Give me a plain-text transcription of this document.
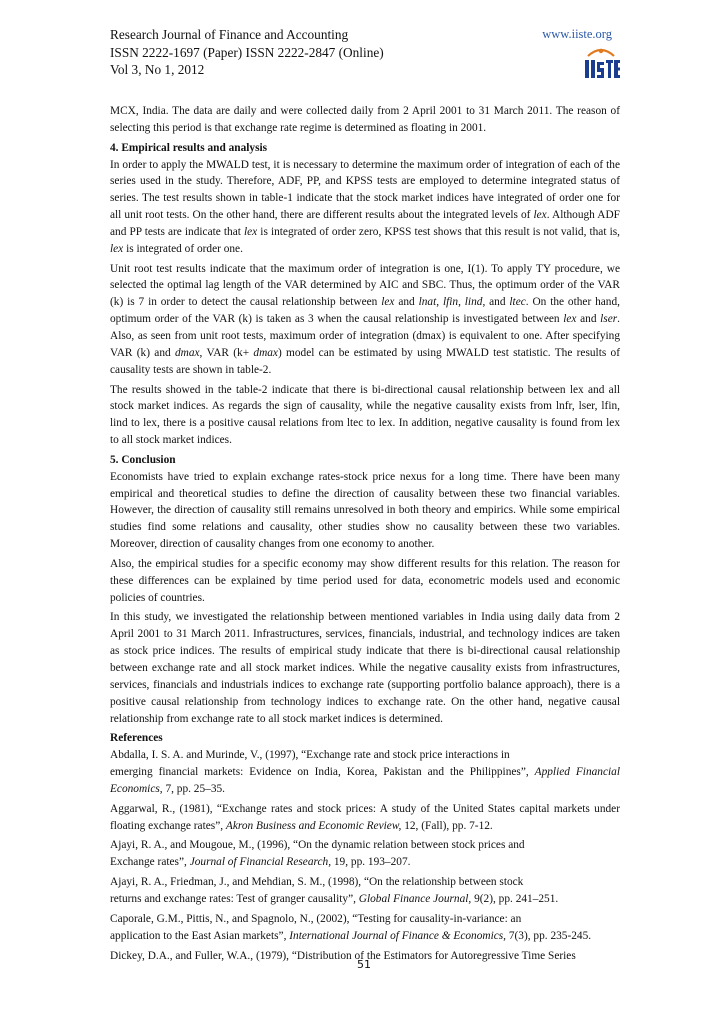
Research Journal of Finance and Accounting
ISSN 2222-1697 (Paper) ISSN 2222-2847 (Online)
Vol 3, No 1, 2012
www.iiste.org

MCX, India. The data are daily and were collected daily from 2 April 2001 to 31 March 2011. The reason of selecting this period is that exchange rate regime is determined as floating in 2001.

4. Empirical results and analysis

In order to apply the MWALD test, it is necessary to determine the maximum order of integration of each of the series used in the study. Therefore, ADF, PP, and KPSS tests are employed to determine integrated status of series. The test results shown in table-1 indicate that the stock market indices have integrated of order one for all unit root tests. On the other hand, there are different results about the integrated levels of lex. Although ADF and PP tests are indicate that lex is integrated of order zero, KPSS test shows that this result is not valid, that is, lex is integrated of order one.

Unit root test results indicate that the maximum order of integration is one, I(1). To apply TY procedure, we selected the optimal lag length of the VAR determined by AIC and SBC. Thus, the optimum order of the VAR (k) is 7 in order to detect the causal relationship between lex and lnat, lfin, lind, and ltec. On the other hand, optimum order of the VAR (k) is taken as 3 when the causal relationship is investigated between lex and lser. Also, as seen from unit root tests, maximum order of integration (dmax) is equivalent to one. After specifying VAR (k) and dmax, VAR (k+ dmax) model can be estimated by using MWALD test statistic. The results of causality tests are shown in table-2.

The results showed in the table-2 indicate that there is bi-directional causal relationship between lex and all stock market indices. As regards the sign of causality, while the negative causality exists from lnfr, lser, lfin, lind to lex, there is a positive causal relations from ltec to lex. In addition, negative causality is found from lex to all stock market indices.

5. Conclusion

Economists have tried to explain exchange rates-stock price nexus for a long time. There have been many empirical and theoretical studies to define the direction of causality between these two financial variables. However, the direction of causality still remains unresolved in both theory and empirics. While some empirical studies find some relations and causality, other studies show no causality between these two variables. Moreover, direction of causality changes from one economy to another.

Also, the empirical studies for a specific economy may show different results for this relation. The reason for these differences can be explained by time period used for data, econometric models used and economic policies of countries.

In this study, we investigated the relationship between mentioned variables in India using daily data from 2 April 2001 to 31 March 2011. Infrastructures, services, financials, industrial, and technology indices are taken as stock price indices. The results of empirical study indicate that there is bi-directional causal relationship between exchange rate and all stock market indices. While the negative causality exists from infrastructures, services, financials and industrials indices to exchange rate (supporting portfolio balance approach), there is a positive causal relationship from technology indices to exchange rate. On the other hand, negative causal relationship from exchange rate to all stock market indices is determined.

References

Abdalla, I. S. A. and Murinde, V., (1997), “Exchange rate and stock price interactions in
emerging financial markets: Evidence on India, Korea, Pakistan and the Philippines”, Applied Financial Economics, 7, pp. 25–35.

Aggarwal, R., (1981), “Exchange rates and stock prices: A study of the United States capital markets under floating exchange rates”, Akron Business and Economic Review, 12, (Fall), pp. 7-12.

Ajayi, R. A., and Mougoue, M., (1996), “On the dynamic relation between stock prices and
Exchange rates”, Journal of Financial Research, 19, pp. 193–207.

Ajayi, R. A., Friedman, J., and Mehdian, S. M., (1998), “On the relationship between stock
returns and exchange rates: Test of granger causality”, Global Finance Journal, 9(2), pp. 241–251.

Caporale, G.M., Pittis, N., and Spagnolo, N., (2002), “Testing for causality-in-variance: an
application to the East Asian markets”, International Journal of Finance & Economics, 7(3), pp. 235-245.

Dickey, D.A., and Fuller, W.A., (1979), “Distribution of the Estimators for Autoregressive Time Series

51
